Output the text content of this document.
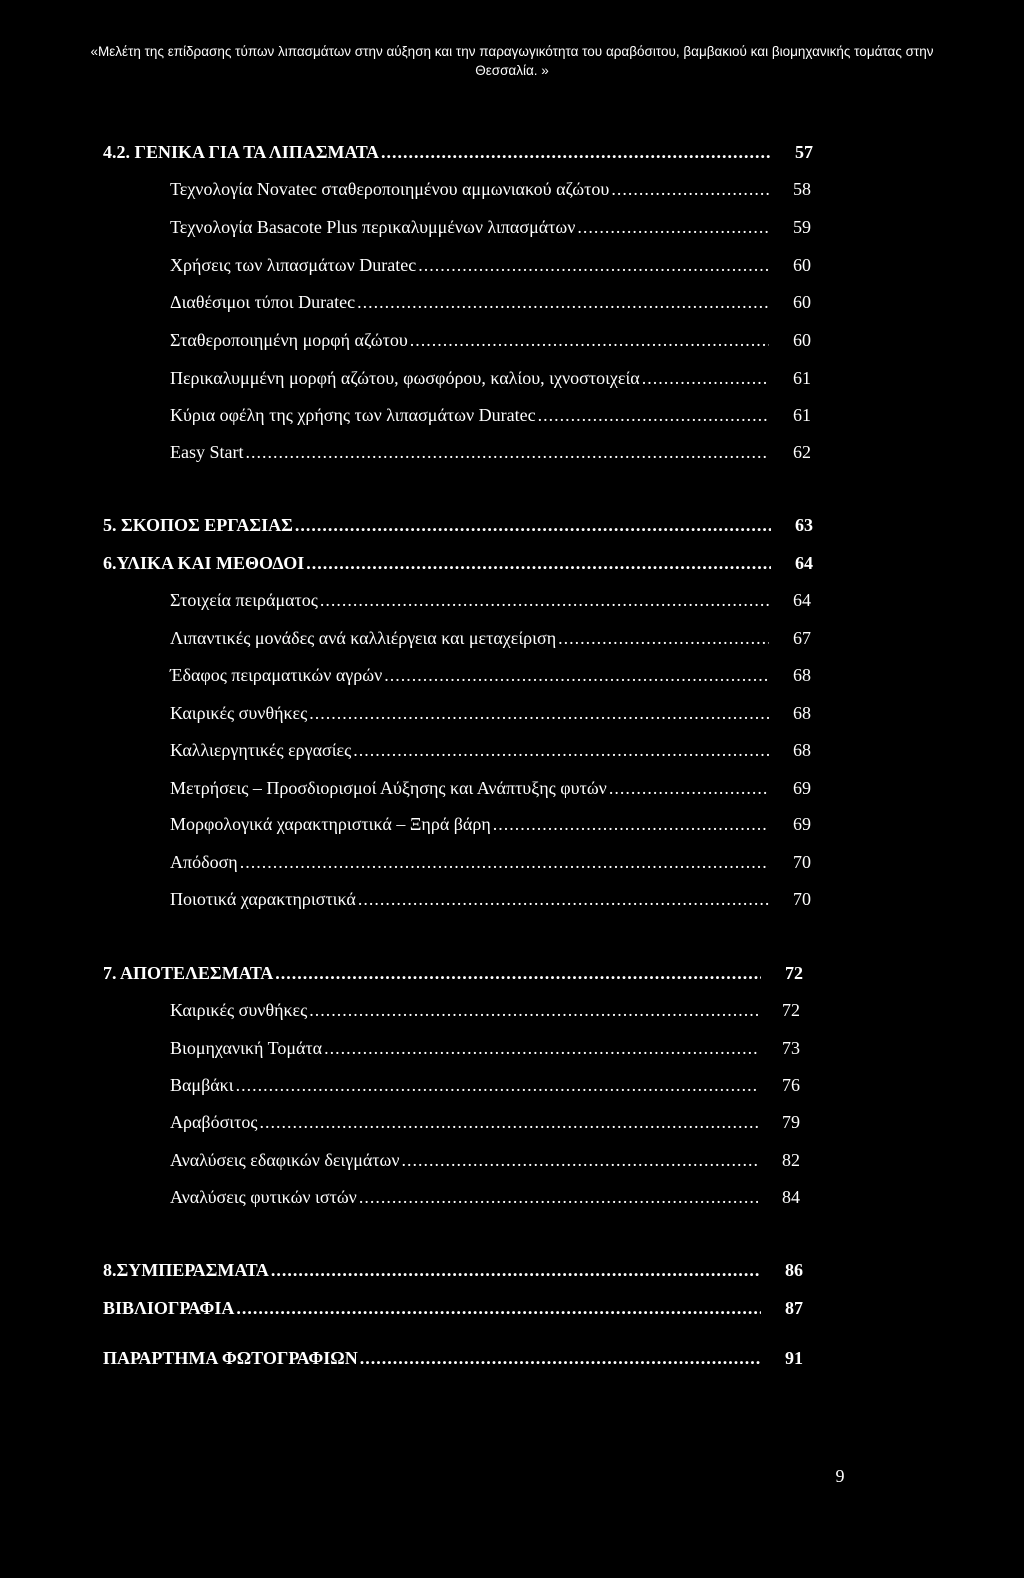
«Μελέτη της επίδρασης τύπων λιπασμάτων στην αύξηση και την παραγωγικότητα του αραβόσιτου, βαμβακιού και βιομηχανικής τομάτας στην Θεσσαλία. »
4.2. ΓΕΝΙΚΑ ΓΙΑ ΤΑ ΛΙΠΑΣΜΑΤΑ .....	57
Τεχνολογία Novatec σταθεροποιημένου αμμωνιακού αζώτου .....	58
Τεχνολογία Basacote Plus περικαλυμμένων λιπασμάτων .....	59
Χρήσεις των λιπασμάτων Duratec .....	60
Διαθέσιμοι τύποι Duratec .....	60
Σταθεροποιημένη μορφή αζώτου .....	60
Περικαλυμμένη μορφή αζώτου, φωσφόρου, καλίου, ιχνοστοιχεία .....	61
Κύρια οφέλη της χρήσης των λιπασμάτων Duratec .....	61
Easy Start .....	62
5. ΣΚΟΠΟΣ ΕΡΓΑΣΙΑΣ .....	63
6.ΥΛΙΚΑ ΚΑΙ ΜΕΘΟΔΟΙ .....	64
Στοιχεία πειράματος .....	64
Λιπαντικές μονάδες ανά καλλιέργεια και μεταχείριση .....	67
Έδαφος πειραματικών αγρών .....	68
Καιρικές συνθήκες .....	68
Καλλιεργητικές εργασίες .....	68
Μετρήσεις – Προσδιορισμοί Αύξησης και Ανάπτυξης φυτών .....	69
Μορφολογικά χαρακτηριστικά – Ξηρά βάρη .....	69
Απόδοση .....	70
Ποιοτικά χαρακτηριστικά .....	70
7. ΑΠΟΤΕΛΕΣΜΑΤΑ .....	72
Καιρικές συνθήκες .....	72
Βιομηχανική Τομάτα .....	73
Βαμβάκι .....	76
Αραβόσιτος .....	79
Αναλύσεις εδαφικών δειγμάτων .....	82
Αναλύσεις φυτικών ιστών .....	84
8.ΣΥΜΠΕΡΑΣΜΑΤΑ .....	86
ΒΙΒΛΙΟΓΡΑΦΙΑ .....	87
ΠΑΡΑΡΤΗΜΑ ΦΩΤΟΓΡΑΦΙΩΝ .....	91
9
